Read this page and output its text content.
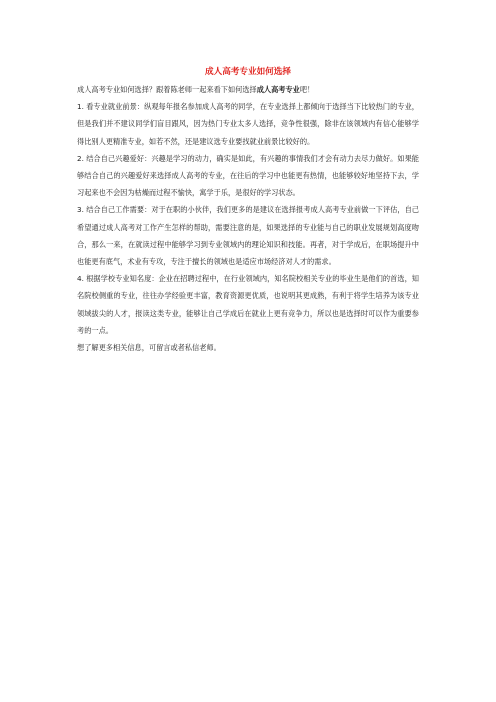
成人高考专业如何选择

成人高考专业如何选择？跟着陈老师一起来看下如何选择成人高考专业吧！

1. 看专业就业前景：纵观每年报名参加成人高考的同学，在专业选择上都倾向于选择当下比较热门的专业，但是我们并不建议同学们盲目跟风，因为热门专业太多人选择，竞争性很强，除非在该领域内有信心能够学得比别人更精准专业，如若不然，还是建议选专业要找就业前景比较好的。

2. 结合自己兴趣爱好：兴趣是学习的动力，确实是如此，有兴趣的事情我们才会有动力去尽力做好。如果能够结合自己的兴趣爱好来选择成人高考的专业，在往后的学习中也能更有热情，也能够较好地坚持下去，学习起来也不会因为枯燥而过程不愉快，寓学于乐，是很好的学习状态。

3. 结合自己工作需要：对于在职的小伙伴，我们更多的是建议在选择报考成人高考专业前做一下评估，自己希望通过成人高考对工作产生怎样的帮助，需要注意的是，如果选择的专业能与自己的职业发展规划高度吻合，那么一来，在就读过程中能够学习到专业领域内的理论知识和技能。再者，对于学成后，在职场提升中也能更有底气，术业有专攻，专注于擅长的领域也是适应市场经济对人才的需求。

4. 根据学校专业知名度：企业在招聘过程中，在行业领域内，知名院校相关专业的毕业生是他们的首选，知名院校侧重的专业，往往办学经验更丰富，教育资源更优质，也说明其更成熟，有利于将学生培养为该专业领域拔尖的人才，报读这类专业，能够让自己学成后在就业上更有竞争力，所以也是选择时可以作为重要参考的一点。

想了解更多相关信息，可留言或者私信老师。
